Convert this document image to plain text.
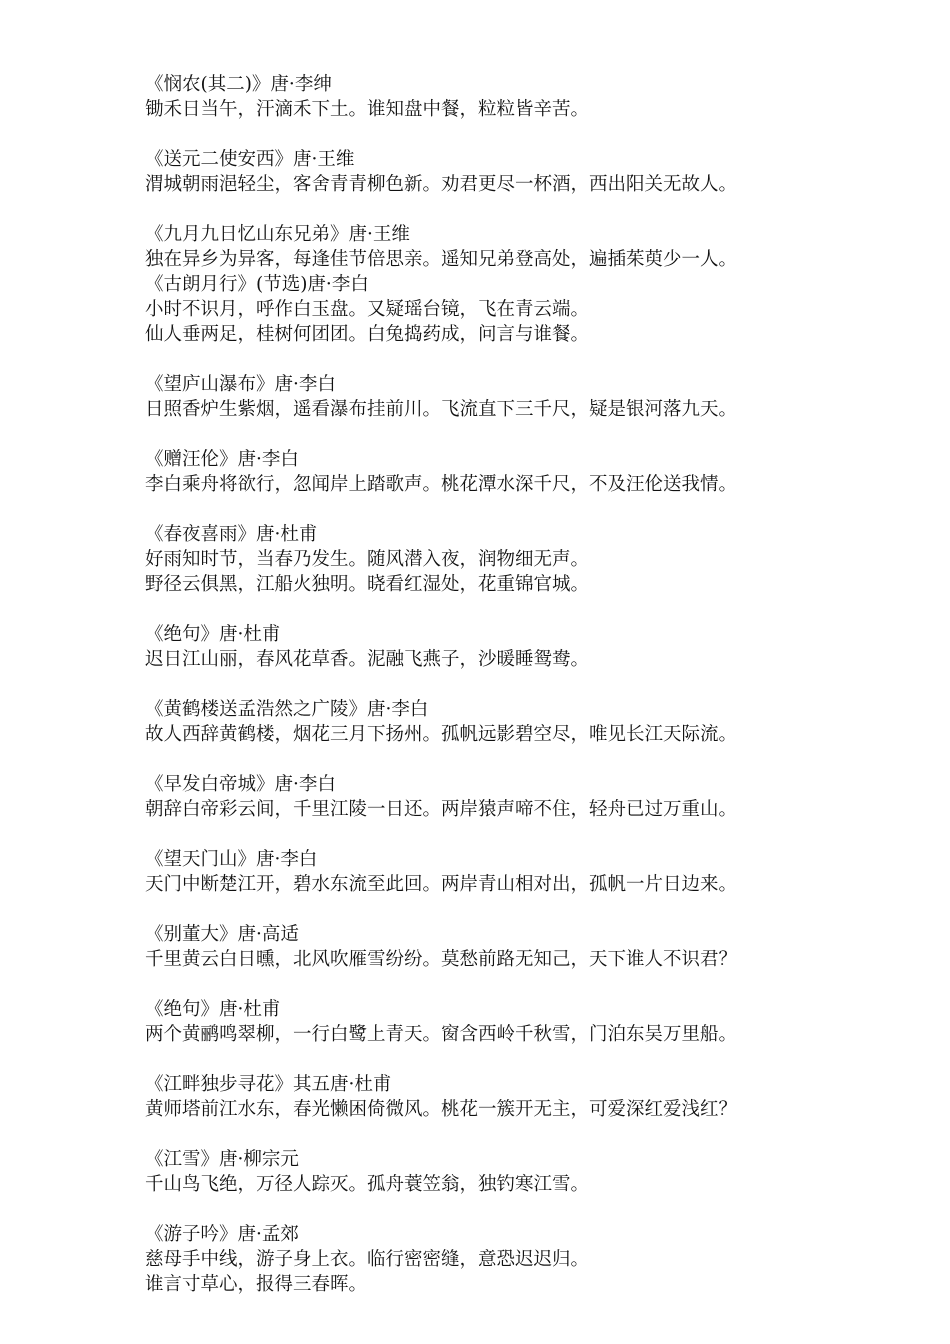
《悯农(其二)》唐·李绅
锄禾日当午，汗滴禾下土。谁知盘中餐，粒粒皆辛苦。
《送元二使安西》唐·王维
渭城朝雨浥轻尘，客舍青青柳色新。劝君更尽一杯酒，西出阳关无故人。
《九月九日忆山东兄弟》唐·王维
独在异乡为异客，每逢佳节倍思亲。遥知兄弟登高处，遍插茱萸少一人。
《古朗月行》(节选)唐·李白
小时不识月，呼作白玉盘。又疑瑶台镜，飞在青云端。
仙人垂两足，桂树何团团。白兔捣药成，问言与谁餐。
《望庐山瀑布》唐·李白
日照香炉生紫烟，遥看瀑布挂前川。飞流直下三千尺，疑是银河落九天。
《赠汪伦》唐·李白
李白乘舟将欲行，忽闻岸上踏歌声。桃花潭水深千尺，不及汪伦送我情。
《春夜喜雨》唐·杜甫
好雨知时节，当春乃发生。随风潜入夜，润物细无声。
野径云俱黑，江船火独明。晓看红湿处，花重锦官城。
《绝句》唐·杜甫
迟日江山丽，春风花草香。泥融飞燕子，沙暖睡鸳鸯。
《黄鹤楼送孟浩然之广陵》唐·李白
故人西辞黄鹤楼，烟花三月下扬州。孤帆远影碧空尽，唯见长江天际流。
《早发白帝城》唐·李白
朝辞白帝彩云间，千里江陵一日还。两岸猿声啼不住，轻舟已过万重山。
《望天门山》唐·李白
天门中断楚江开，碧水东流至此回。两岸青山相对出，孤帆一片日边来。
《别董大》唐·高适
千里黄云白日曛，北风吹雁雪纷纷。莫愁前路无知己，天下谁人不识君？
《绝句》唐·杜甫
两个黄鹂鸣翠柳，一行白鹭上青天。窗含西岭千秋雪，门泊东吴万里船。
《江畔独步寻花》其五唐·杜甫
黄师塔前江水东，春光懒困倚微风。桃花一簇开无主，可爱深红爱浅红？
《江雪》唐·柳宗元
千山鸟飞绝，万径人踪灭。孤舟蓑笠翁，独钓寒江雪。
《游子吟》唐·孟郊
慈母手中线，游子身上衣。临行密密缝，意恐迟迟归。
谁言寸草心，报得三春晖。
